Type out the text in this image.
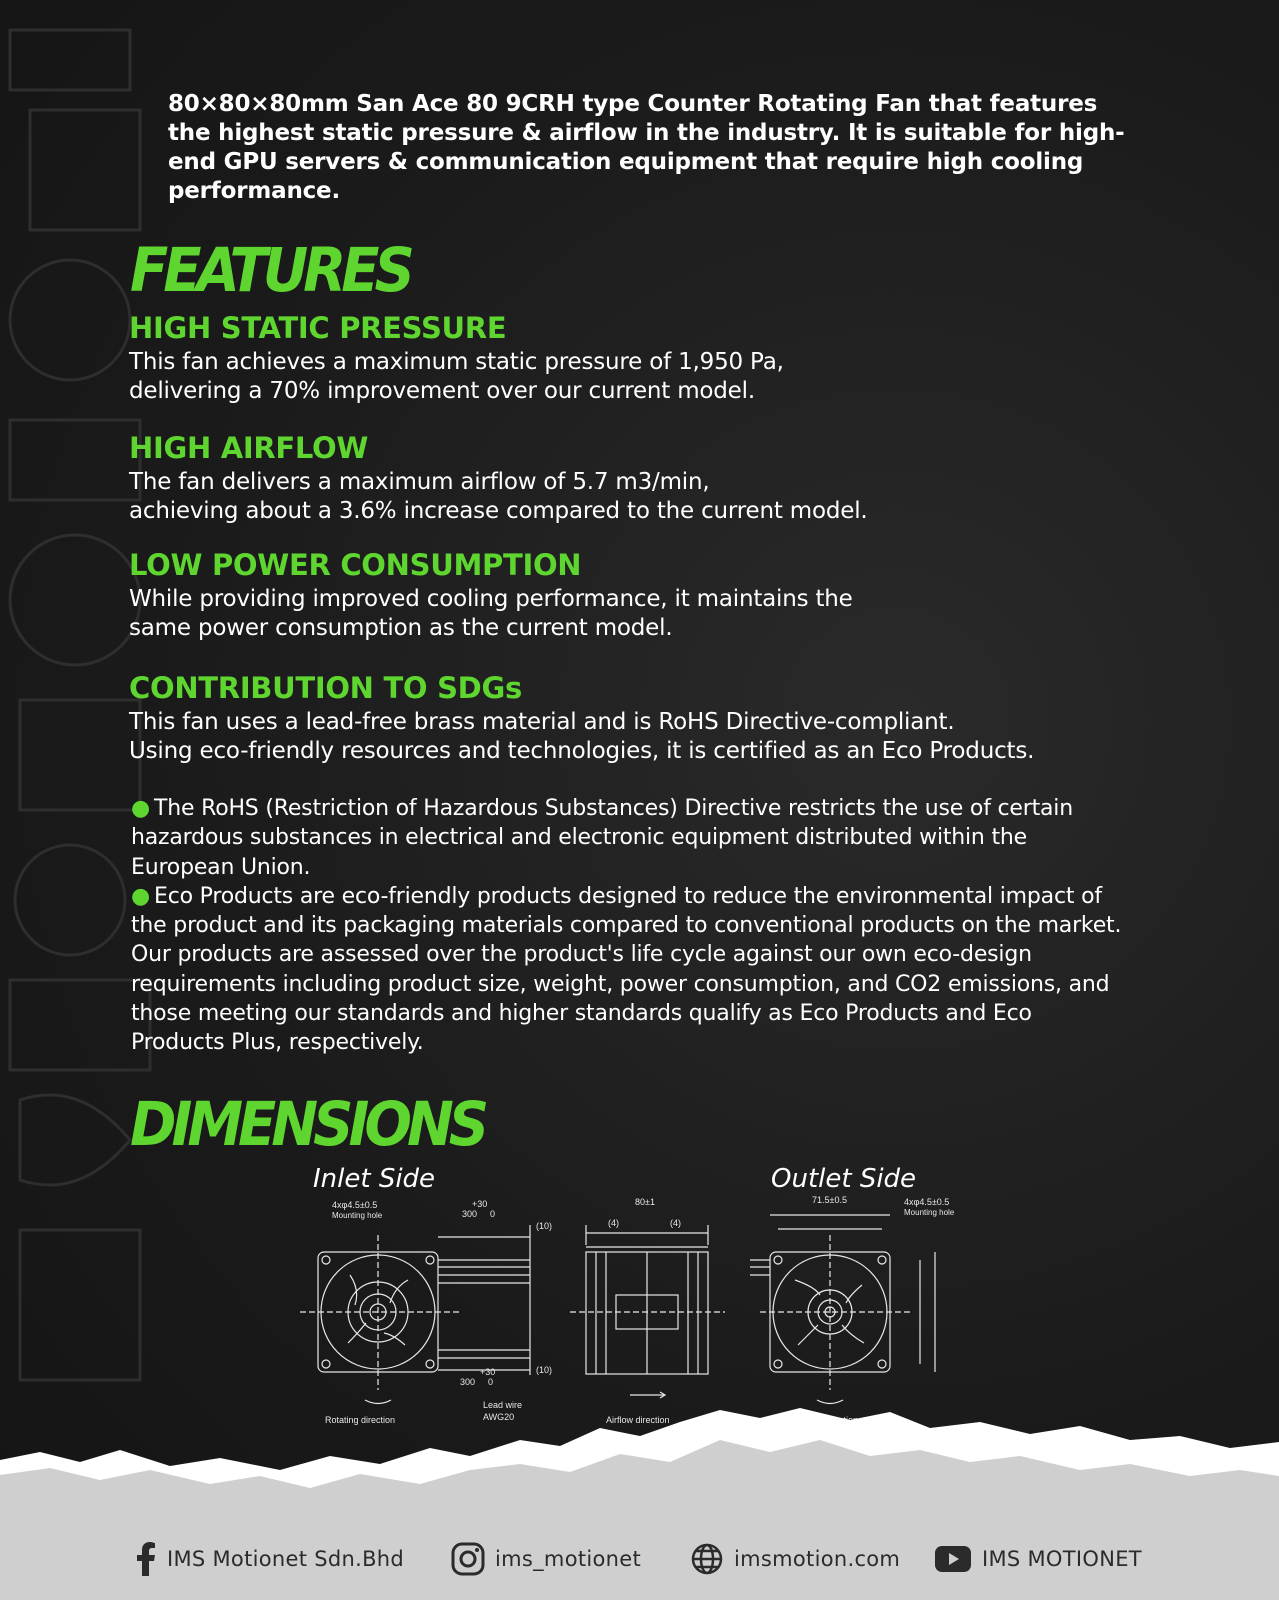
80×80×80mm San Ace 80 9CRH type Counter Rotating Fan that features the highest static pressure & airflow in the industry. It is suitable for high-end GPU servers & communication equipment that require high cooling performance.

FEATURES
HIGH STATIC PRESSURE

This fan achieves a maximum static pressure of 1,950 Pa,

delivering a 70% improvement over our current model.

HIGH AIRFLOW

The fan delivers a maximum airflow of 5.7 m3/min,

achieving about a 3.6% increase compared to the current model.

LOW POWER CONSUMPTION

While providing improved cooling performance, it maintains the

same power consumption as the current model.

CONTRIBUTION TO SDGs

This fan uses a lead-free brass material and is RoHS Directive-compliant.

Using eco-friendly resources and technologies, it is certified as an Eco Products.

● The RoHS (Restriction of Hazardous Substances) Directive restricts the use of certain hazardous substances in electrical and electronic equipment distributed within the European Union.

● Eco Products are eco-friendly products designed to reduce the environmental impact of the product and its packaging materials compared to conventional products on the market. Our products are assessed over the product's life cycle against our own eco-design requirements including product size, weight, power consumption, and CO2 emissions, and those meeting our standards and higher standards qualify as Eco Products and Eco Products Plus, respectively.

DIMENSIONS
Inlet Side	Outlet Side
4xφ4.5±0.5
Mounting hole
+30
300 0
(10)
+30
300 0
(10)
Lead wire
AWG20
Rotating direction
80±1
(4)	(4)
Airflow direction
71.5±0.5	4xφ4.5±0.5
Mounting hole
IMS Motionet Sdn.Bhd	ims_motionet	imsmotion.com	IMS MOTIONET
